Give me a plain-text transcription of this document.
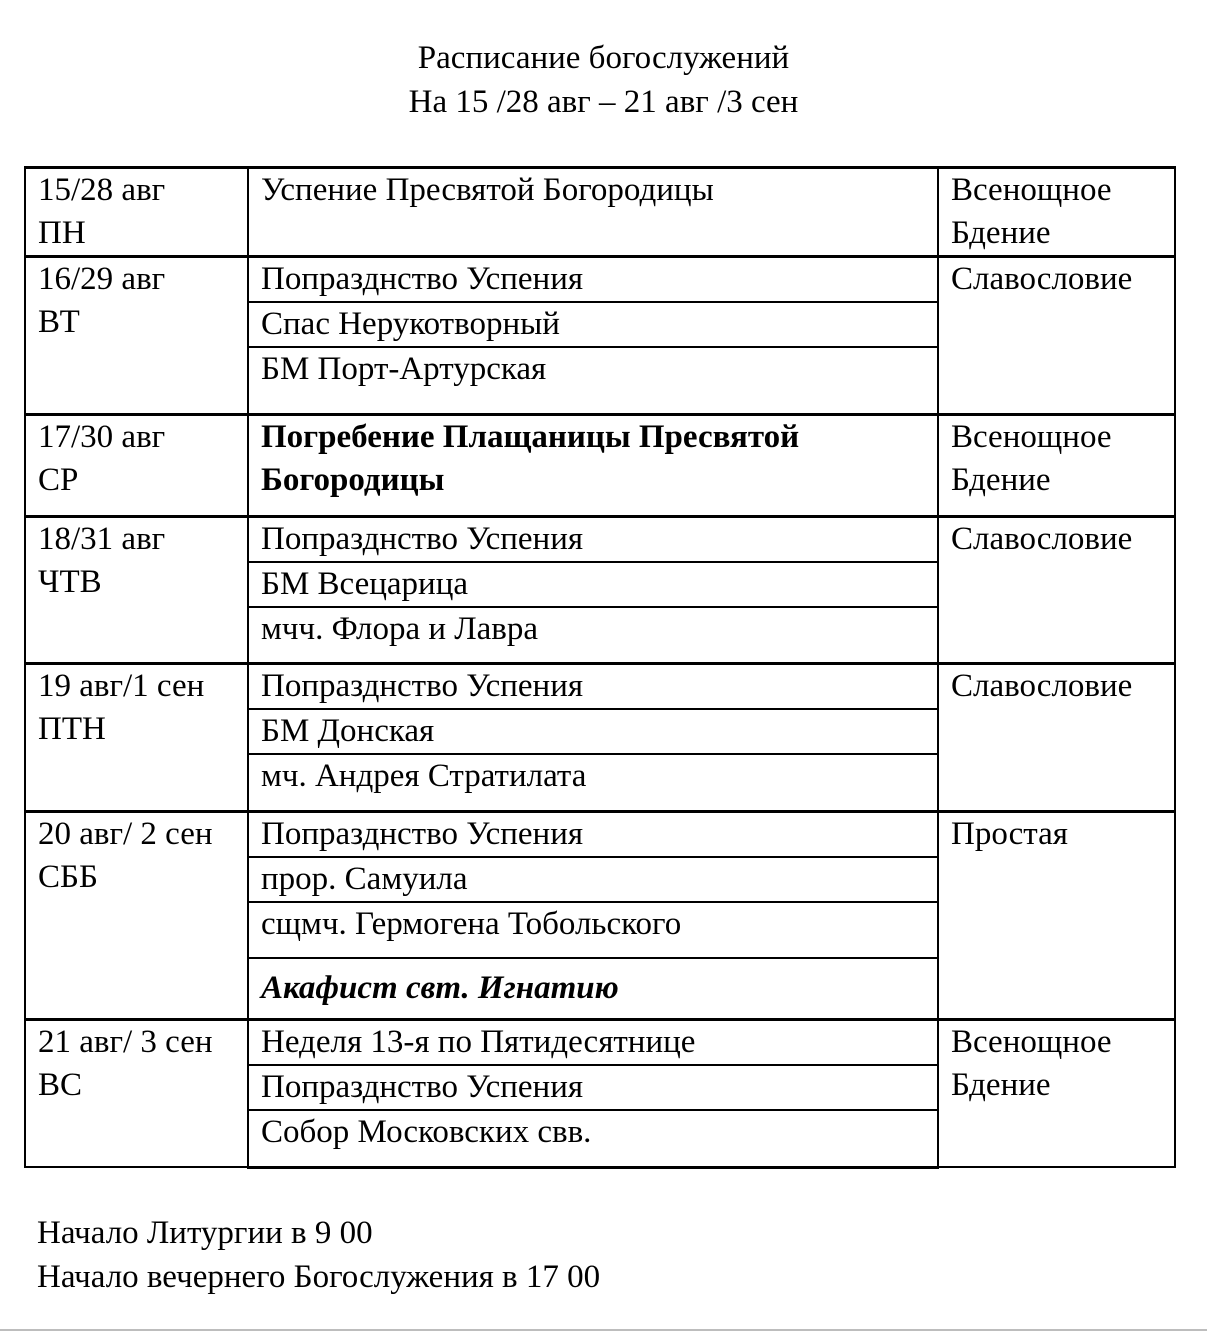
Расписание богослужений
На 15 /28 авг – 21 авг /3 сен
15/28 авг
ПН	Успение Пресвятой Богородицы	Всенощное
Бдение

16/29 авг
ВТ	Попразднство Успения	Славословие

	Спас Нерукотворный	
	БМ Порт-Артурская	

17/30 авг
СР	Погребение Плащаницы Пресвятой Богородицы	Всенощное
Бдение

18/31 авг
ЧТВ	Попразднство Успения	Славословие

	БМ Всецарица	
	мчч. Флора и Лавра	

19 авг/1 сен
ПТН	Попразднство Успения	Славословие

	БМ Донская	
	мч. Андрея Стратилата	

20 авг/ 2 сен
СББ	Попразднство Успения	Простая

	прор. Самуила	
	сщмч. Гермогена Тобольского	
	Акафист свт. Игнатию	

21 авг/ 3 сен
ВС	Неделя 13-я по Пятидесятнице	Всенощное
Бдение

	Попразднство Успения	
	Собор Московских свв.	
Начало Литургии в 9 00
Начало вечернего Богослужения в 17 00
